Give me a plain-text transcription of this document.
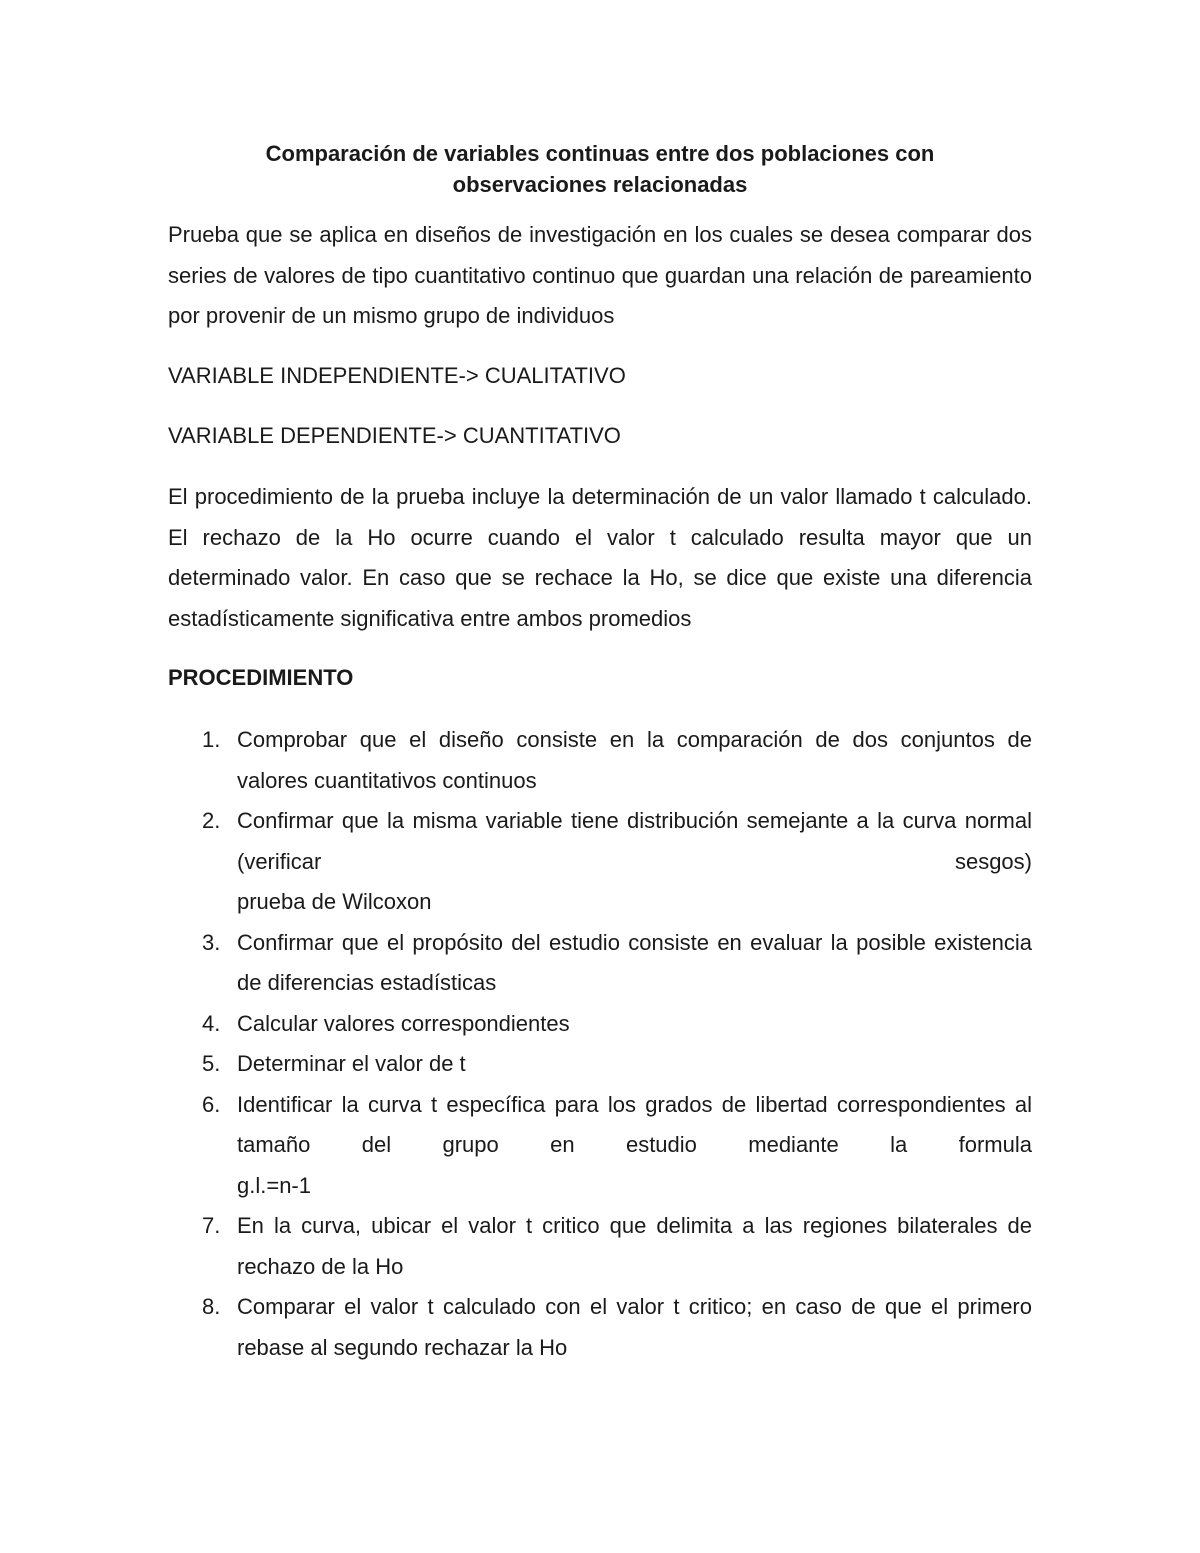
Comparación de variables continuas entre dos poblaciones con
observaciones relacionadas

Prueba que se aplica en diseños de investigación en los cuales se desea comparar dos series de valores de tipo cuantitativo continuo que guardan una relación de pareamiento por provenir de un mismo grupo de individuos

VARIABLE INDEPENDIENTE-> CUALITATIVO

VARIABLE DEPENDIENTE-> CUANTITATIVO

El procedimiento de la prueba incluye la determinación de un valor llamado t calculado. El rechazo de la Ho ocurre cuando el valor t calculado resulta mayor que un determinado valor. En caso que se rechace la Ho, se dice que existe una diferencia estadísticamente significativa entre ambos promedios

PROCEDIMIENTO

1. Comprobar que el diseño consiste en la comparación de dos conjuntos de valores cuantitativos continuos
2. Confirmar que la misma variable tiene distribución semejante a la curva normal (verificar sesgos)
prueba de Wilcoxon
3. Confirmar que el propósito del estudio consiste en evaluar la posible existencia de diferencias estadísticas
4. Calcular valores correspondientes
5. Determinar el valor de t
6. Identificar la curva t específica para los grados de libertad correspondientes al tamaño del grupo en estudio mediante la formula
g.l.=n-1
7. En la curva, ubicar el valor t critico que delimita a las regiones bilaterales de rechazo de la Ho
8. Comparar el valor t calculado con el valor t critico; en caso de que el primero rebase al segundo rechazar la Ho
